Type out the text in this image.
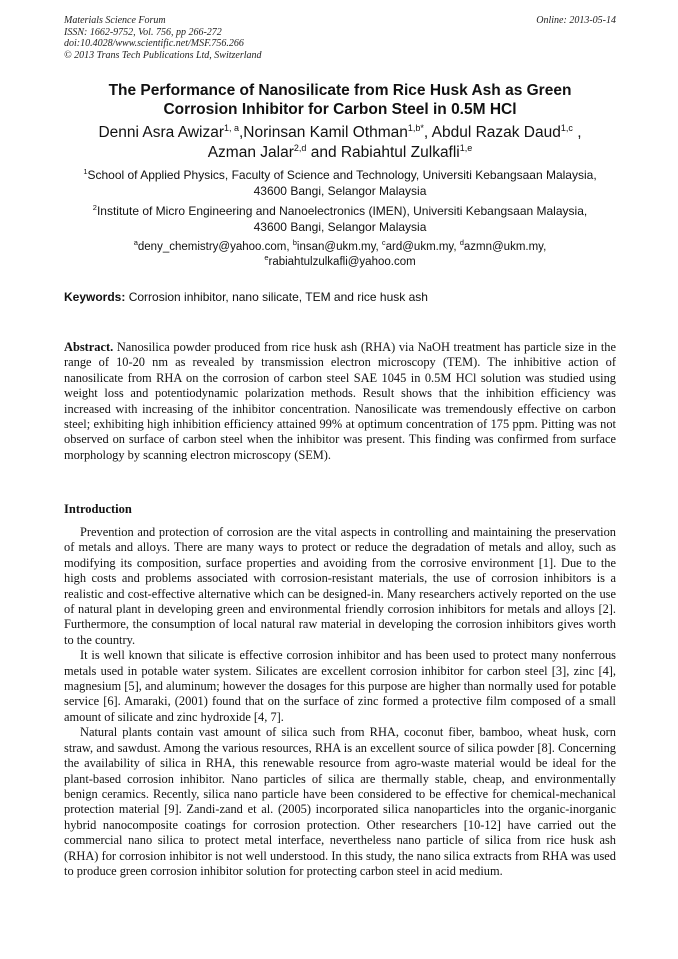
Materials Science Forum
ISSN: 1662-9752, Vol. 756, pp 266-272
doi:10.4028/www.scientific.net/MSF.756.266
© 2013 Trans Tech Publications Ltd, Switzerland
Online: 2013-05-14
The Performance of Nanosilicate from Rice Husk Ash as Green
Corrosion Inhibitor for Carbon Steel in 0.5M HCl
Denni Asra Awizar$^{1, a}$,Norinsan Kamil Othman$^{1,b*}$, Abdul Razak Daud$^{1,c}$ ,
Azman Jalar$^{2,d}$ and Rabiahtul Zulkafli$^{1,e}$
$^1$School of Applied Physics, Faculty of Science and Technology, Universiti Kebangsaan Malaysia,
43600 Bangi, Selangor Malaysia
$^2$Institute of Micro Engineering and Nanoelectronics (IMEN), Universiti Kebangsaan Malaysia,
43600 Bangi, Selangor Malaysia
$^a$deny_chemistry@yahoo.com, $^b$insan@ukm.my, $^c$ard@ukm.my, $^d$azmn@ukm.my,
$^e$rabiahtulzulkafli@yahoo.com
Keywords: Corrosion inhibitor, nano silicate, TEM and rice husk ash
Abstract. Nanosilica powder produced from rice husk ash (RHA) via NaOH treatment has particle size in the range of 10-20 nm as revealed by transmission electron microscopy (TEM). The inhibitive action of nanosilicate from RHA on the corrosion of carbon steel SAE 1045 in 0.5M HCl solution was studied using weight loss and potentiodynamic polarization methods. Result shows that the inhibition efficiency was increased with increasing of the inhibitor concentration. Nanosilicate was tremendously effective on carbon steel; exhibiting high inhibition efficiency attained 99% at optimum concentration of 175 ppm. Pitting was not observed on surface of carbon steel when the inhibitor was present. This finding was confirmed from surface morphology by scanning electron microscopy (SEM).
Introduction

Prevention and protection of corrosion are the vital aspects in controlling and maintaining the preservation of metals and alloys. There are many ways to protect or reduce the degradation of metals and alloy, such as modifying its composition, surface properties and avoiding from the corrosive environment [1]. Due to the high costs and problems associated with corrosion-resistant materials, the use of corrosion inhibitors is a realistic and cost-effective alternative which can be designed-in. Many researchers actively reported on the use of natural plant in developing green and environmental friendly corrosion inhibitors for metals and alloys [2]. Furthermore, the consumption of local natural raw material in developing the corrosion inhibitors gives worth to the country.

It is well known that silicate is effective corrosion inhibitor and has been used to protect many nonferrous metals used in potable water system. Silicates are excellent corrosion inhibitor for carbon steel [3], zinc [4], magnesium [5], and aluminum; however the dosages for this purpose are higher than normally used for potable service [6]. Amaraki, (2001) found that on the surface of zinc formed a protective film composed of a small amount of silicate and zinc hydroxide [4, 7].

Natural plants contain vast amount of silica such from RHA, coconut fiber, bamboo, wheat husk, corn straw, and sawdust. Among the various resources, RHA is an excellent source of silica powder [8]. Concerning the availability of silica in RHA, this renewable resource from agro-waste material would be ideal for the plant-based corrosion inhibitor. Nano particles of silica are thermally stable, cheap, and environmentally benign ceramics. Recently, silica nano particle have been considered to be effective for chemical-mechanical protection material [9]. Zandi-zand et al. (2005) incorporated silica nanoparticles into the organic-inorganic hybrid nanocomposite coatings for corrosion protection. Other researchers [10-12] have carried out the commercial nano silica to protect metal interface, nevertheless nano particle of silica from rice husk ash (RHA) for corrosion inhibitor is not well understood. In this study, the nano silica extracts from RHA was used to produce green corrosion inhibitor solution for protecting carbon steel in acid medium.
